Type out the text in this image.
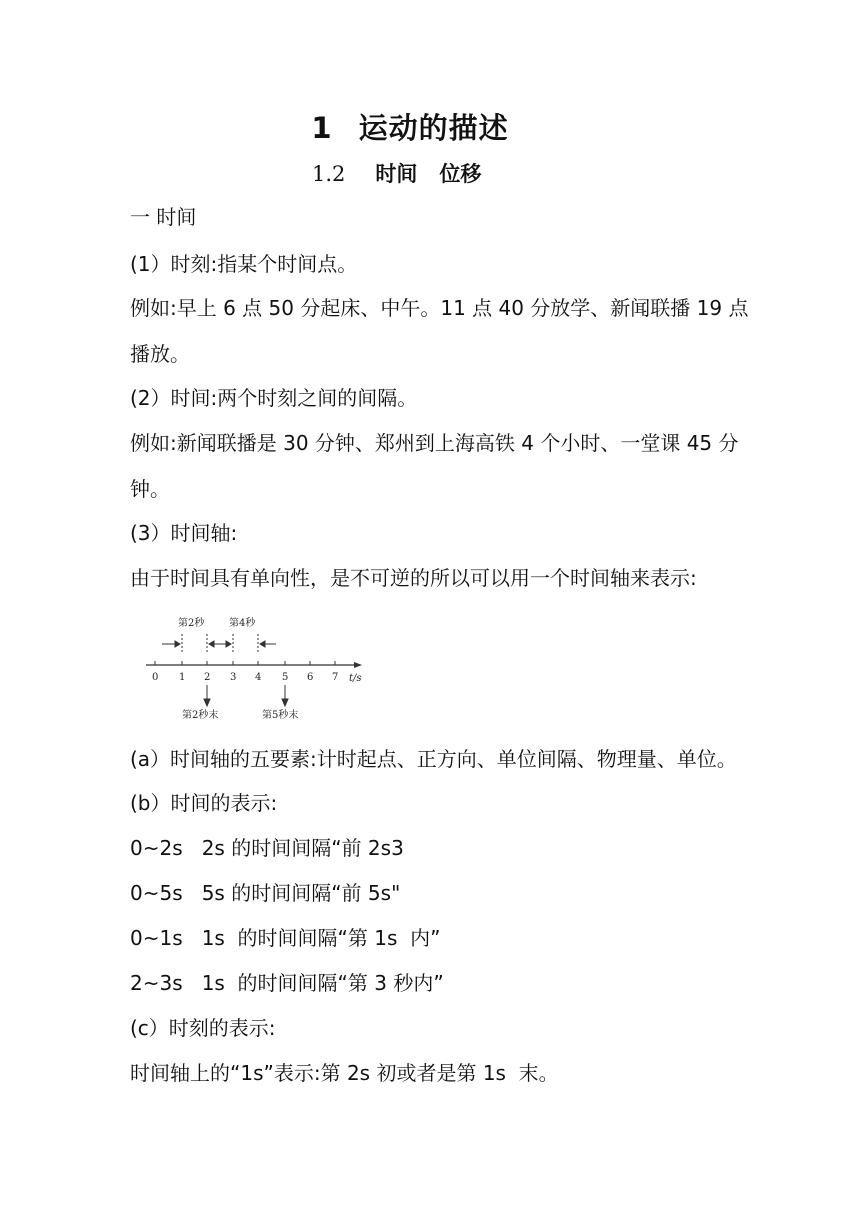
1 运动的描述
1.2 时间 位移
一 时间
(1）时刻:指某个时间点。
例如:早上 6 点 50 分起床、中午。11 点 40 分放学、新闻联播 19 点
播放。
(2）时间:两个时刻之间的间隔。
例如:新闻联播是 30 分钟、郑州到上海高铁 4 个小时、一堂课 45 分
钟。
(3）时间轴:
由于时间具有单向性，是不可逆的所以可以用一个时间轴来表示:
第2秒 第4秒
0 1 2 3 4 5 6 7 t/s
第2秒末	第5秒末
(a）时间轴的五要素:计时起点、正方向、单位间隔、物理量、单位。
(b）时间的表示:
0~2s   2s 的时间间隔“前 2s3
0~5s   5s 的时间间隔“前 5s"
0~1s   1s  的时间间隔“第 1s  内”
2~3s   1s  的时间间隔“第 3 秒内”
(c）时刻的表示:
时间轴上的“1s”表示:第 2s 初或者是第 1s  末。
